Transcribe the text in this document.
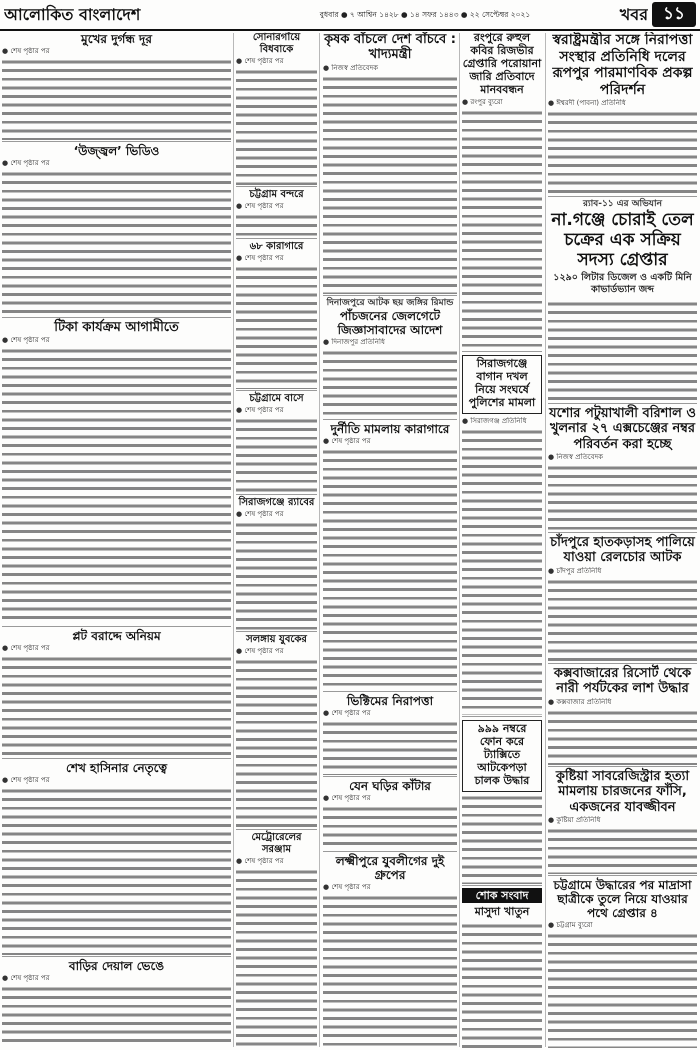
আলোকিত বাংলাদেশ	বুধবার ● ৭ আশ্বিন ১৪২৮ ● ১৪ সফর ১৪৪৩ ● ২২ সেপ্টেম্বর ২০২১	খবর ১১
মুখের দুর্গন্ধ দূর
● শেষ পৃষ্ঠার পর
‘উজ্জ্বল’ ভিডিও
● শেষ পৃষ্ঠার পর
টিকা কার্যক্রম আগামীতে
● শেষ পৃষ্ঠার পর
প্লট বরাদ্দে অনিয়ম
● শেষ পৃষ্ঠার পর
শেখ হাসিনার নেতৃত্বে
● শেষ পৃষ্ঠার পর
বাড়ির দেয়াল ভেঙে
● শেষ পৃষ্ঠার পর
সোনারগাঁয়ে বিধবাকে
● শেষ পৃষ্ঠার পর
চট্টগ্রাম বন্দরে
● শেষ পৃষ্ঠার পর
৬৮ কারাগারে
● শেষ পৃষ্ঠার পর
চট্টগ্রামে বাসে
● শেষ পৃষ্ঠার পর
সিরাজগঞ্জে র‌্যাবের
● শেষ পৃষ্ঠার পর
সলঙ্গায় যুবকের
● শেষ পৃষ্ঠার পর
মেট্রোরেলের সরঞ্জাম
● শেষ পৃষ্ঠার পর
কৃষক বাঁচলে দেশ বাঁচবে : খাদ্যমন্ত্রী
● নিজস্ব প্রতিবেদক
দিনাজপুরে আটক ছয় জঙ্গির রিমান্ড
পাঁচজনের জেলগেটে জিজ্ঞাসাবাদের আদেশ
● দিনাজপুর প্রতিনিধি
দুর্নীতি মামলায় কারাগারে
● শেষ পৃষ্ঠার পর
ভিক্টিমের নিরাপত্তা
● শেষ পৃষ্ঠার পর
যেন ঘড়ির কাঁটার
● শেষ পৃষ্ঠার পর
লক্ষ্মীপুরে যুবলীগের দুই গ্রুপের
● শেষ পৃষ্ঠার পর
রংপুরে রুহুল কবির রিজভীর গ্রেপ্তারি পরোয়ানা জারি প্রতিবাদে মানববন্ধন
● রংপুর ব্যুরো
সিরাজগঞ্জে বাগান দখল নিয়ে সংঘর্ষে পুলিশের মামলা
● সিরাজগঞ্জ প্রতিনিধি
৯৯৯ নম্বরে ফোন করে ট্যাক্সিতে আটকেপড়া চালক উদ্ধার
শোক সংবাদ
মাসুদা খাতুন
স্বরাষ্ট্রমন্ত্রীর সঙ্গে নিরাপত্তা সংস্থার প্রতিনিধি দলের রূপপুর পারমাণবিক প্রকল্প পরিদর্শন
● ঈশ্বরদী (পাবনা) প্রতিনিধি
র‌্যাব-১১ এর অভিযান
না.গঞ্জে চোরাই তেল চক্রের এক সক্রিয় সদস্য গ্রেপ্তার
১২৯০ লিটার ডিজেল ও একটি মিনি কাভার্ডভ্যান জব্দ
যশোর পটুয়াখালী বরিশাল ও খুলনার ২৭ এক্সচেঞ্জের নম্বর পরিবর্তন করা হচ্ছে
● নিজস্ব প্রতিবেদক
চাঁদপুরে হাতকড়াসহ পালিয়ে যাওয়া রেলচোর আটক
● চাঁদপুর প্রতিনিধি
কক্সবাজারের রিসোর্ট থেকে নারী পর্যটকের লাশ উদ্ধার
● কক্সবাজার প্রতিনিধি
কুষ্টিয়া সাবরেজিস্ট্রার হত্যা মামলায় চারজনের ফাঁসি, একজনের যাবজ্জীবন
● কুষ্টিয়া প্রতিনিধি
চট্টগ্রামে উদ্ধারের পর মাদ্রাসা ছাত্রীকে তুলে নিয়ে যাওয়ার পথে গ্রেপ্তার ৪
● চট্টগ্রাম ব্যুরো
